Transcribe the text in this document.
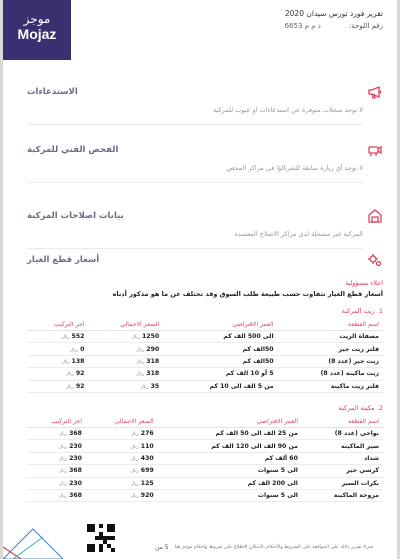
موجز
Mojaz
تقرير فورد تورس سيدان 2020
رقم اللوحة:
د م م 6653
الاستدعاءات
لا توجد سجلات متوفرة عن استدعاءات او عيوب للمركبة
الفحص الفني للمركبة
لا توجد أي زيارة سابقة للشركاؤا في مراكز المحص
بيانات اصلاحات المركبة
المركبة غير مسجلة لدى مراكز الاصلاح المعتمدة
أسعار قطع الغيار
اخلاء مسؤولية
أسعار قطع الغيار تتفاوت حسب طبيعة طلب السوق وقد تختلف عن ما هو مذكور أدناه
1. زيت المركبة
اسم القطعة	العمر الافتراضي	السعر الاجمالي	اجر التركيب
مصفاة الزيت	الى 500 الف كم	1250ريال	552ريال
فلتر زيت جير	50الف كم	290ريال	0ريال
زيت جير (عدد 8)	50الف كم	318ريال	138ريال
زيت ماكينة (عدد 8)	5 أو 10 الف كم	318ريال	92ريال
فلتر زيت ماكينة	من 5 الف الى 10 كم	35ريال	92ريال
2. مكينة المركبة
اسم القطعة	العمر الافتراضي	السعر الاجمالي	اجر التركيب
بواجي (عدد 8)	من 25 الف الى 50 الف كم	276ريال	368ريال
سير الماكينه	من 90 الف الى 120 الف كم	110ريال	230ريال
شداد	60 ألف كم	430ريال	230ريال
كرسي جير	الى 5 سنوات	699ريال	368ريال
بكرات السير	الى 200 الف كم	125ريال	230ريال
مروحة الماكينة	الى 5 سنوات	920ريال	368ريال
شراء تقرير ذلالة على الموافقة على الشروط والأحكام بالامكان الاطلاع على شروط واحكام موجز هنا
5 من
